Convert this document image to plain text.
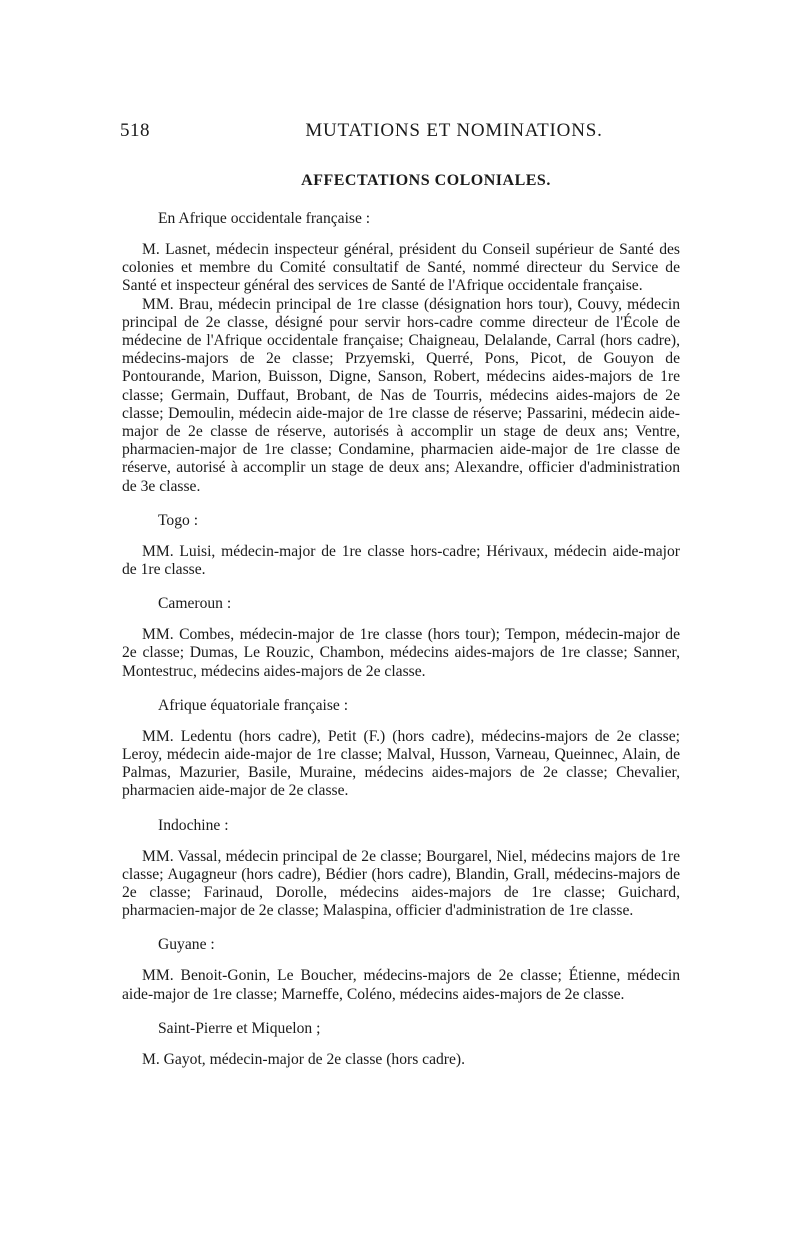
518	MUTATIONS ET NOMINATIONS.
AFFECTATIONS COLONIALES.

En Afrique occidentale française :

M. Lasnet, médecin inspecteur général, président du Conseil supérieur de Santé des colonies et membre du Comité consultatif de Santé, nommé directeur du Service de Santé et inspecteur général des services de Santé de l'Afrique occidentale française.

MM. Brau, médecin principal de 1re classe (désignation hors tour), Couvy, médecin principal de 2e classe, désigné pour servir hors-cadre comme directeur de l'École de médecine de l'Afrique occidentale française; Chaigneau, Delalande, Carral (hors cadre), médecins-majors de 2e classe; Przyemski, Querré, Pons, Picot, de Gouyon de Pontourande, Marion, Buisson, Digne, Sanson, Robert, médecins aides-majors de 1re classe; Germain, Duffaut, Brobant, de Nas de Tourris, médecins aides-majors de 2e classe; Demoulin, médecin aide-major de 1re classe de réserve; Passarini, médecin aide-major de 2e classe de réserve, autorisés à accomplir un stage de deux ans; Ventre, pharmacien-major de 1re classe; Condamine, pharmacien aide-major de 1re classe de réserve, autorisé à accomplir un stage de deux ans; Alexandre, officier d'administration de 3e classe.

Togo :

MM. Luisi, médecin-major de 1re classe hors-cadre; Hérivaux, médecin aide-major de 1re classe.

Cameroun :

MM. Combes, médecin-major de 1re classe (hors tour); Tempon, médecin-major de 2e classe; Dumas, Le Rouzic, Chambon, médecins aides-majors de 1re classe; Sanner, Montestruc, médecins aides-majors de 2e classe.

Afrique équatoriale française :

MM. Ledentu (hors cadre), Petit (F.) (hors cadre), médecins-majors de 2e classe; Leroy, médecin aide-major de 1re classe; Malval, Husson, Varneau, Queinnec, Alain, de Palmas, Mazurier, Basile, Muraine, médecins aides-majors de 2e classe; Chevalier, pharmacien aide-major de 2e classe.

Indochine :

MM. Vassal, médecin principal de 2e classe; Bourgarel, Niel, médecins majors de 1re classe; Augagneur (hors cadre), Bédier (hors cadre), Blandin, Grall, médecins-majors de 2e classe; Farinaud, Dorolle, médecins aides-majors de 1re classe; Guichard, pharmacien-major de 2e classe; Malaspina, officier d'administration de 1re classe.

Guyane :

MM. Benoit-Gonin, Le Boucher, médecins-majors de 2e classe; Étienne, médecin aide-major de 1re classe; Marneffe, Coléno, médecins aides-majors de 2e classe.

Saint-Pierre et Miquelon ;

M. Gayot, médecin-major de 2e classe (hors cadre).
